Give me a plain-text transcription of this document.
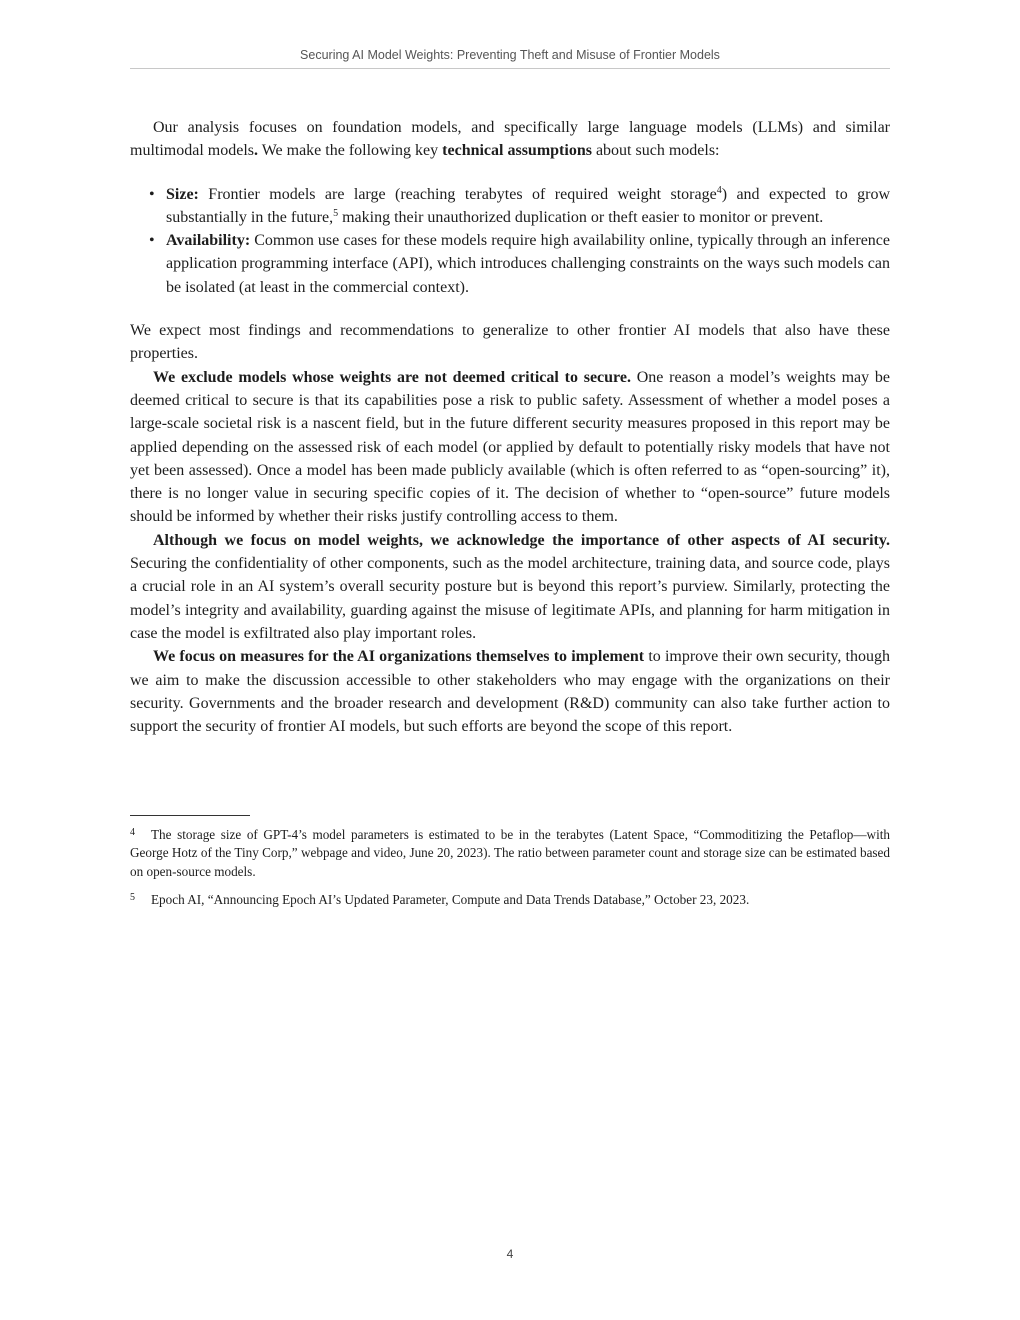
Securing AI Model Weights: Preventing Theft and Misuse of Frontier Models

Our analysis focuses on foundation models, and specifically large language models (LLMs) and similar multimodal models. We make the following key technical assumptions about such models:

• Size: Frontier models are large (reaching terabytes of required weight storage$^4$) and expected to grow substantially in the future,$^5$ making their unauthorized duplication or theft easier to monitor or prevent.
• Availability: Common use cases for these models require high availability online, typically through an inference application programming interface (API), which introduces challenging constraints on the ways such models can be isolated (at least in the commercial context).

We expect most findings and recommendations to generalize to other frontier AI models that also have these properties.

We exclude models whose weights are not deemed critical to secure. One reason a model’s weights may be deemed critical to secure is that its capabilities pose a risk to public safety. Assessment of whether a model poses a large-scale societal risk is a nascent field, but in the future different security measures proposed in this report may be applied depending on the assessed risk of each model (or applied by default to potentially risky models that have not yet been assessed). Once a model has been made publicly available (which is often referred to as “open-sourcing” it), there is no longer value in securing specific copies of it. The decision of whether to “open-source” future models should be informed by whether their risks justify controlling access to them.

Although we focus on model weights, we acknowledge the importance of other aspects of AI security. Securing the confidentiality of other components, such as the model architecture, training data, and source code, plays a crucial role in an AI system’s overall security posture but is beyond this report’s purview. Similarly, protecting the model’s integrity and availability, guarding against the misuse of legitimate APIs, and planning for harm mitigation in case the model is exfiltrated also play important roles.

We focus on measures for the AI organizations themselves to implement to improve their own security, though we aim to make the discussion accessible to other stakeholders who may engage with the organizations on their security. Governments and the broader research and development (R&D) community can also take further action to support the security of frontier AI models, but such efforts are beyond the scope of this report.

4 The storage size of GPT-4’s model parameters is estimated to be in the terabytes (Latent Space, “Commoditizing the Petaflop—with George Hotz of the Tiny Corp,” webpage and video, June 20, 2023). The ratio between parameter count and storage size can be estimated based on open-source models.

5 Epoch AI, “Announcing Epoch AI’s Updated Parameter, Compute and Data Trends Database,” October 23, 2023.

4
